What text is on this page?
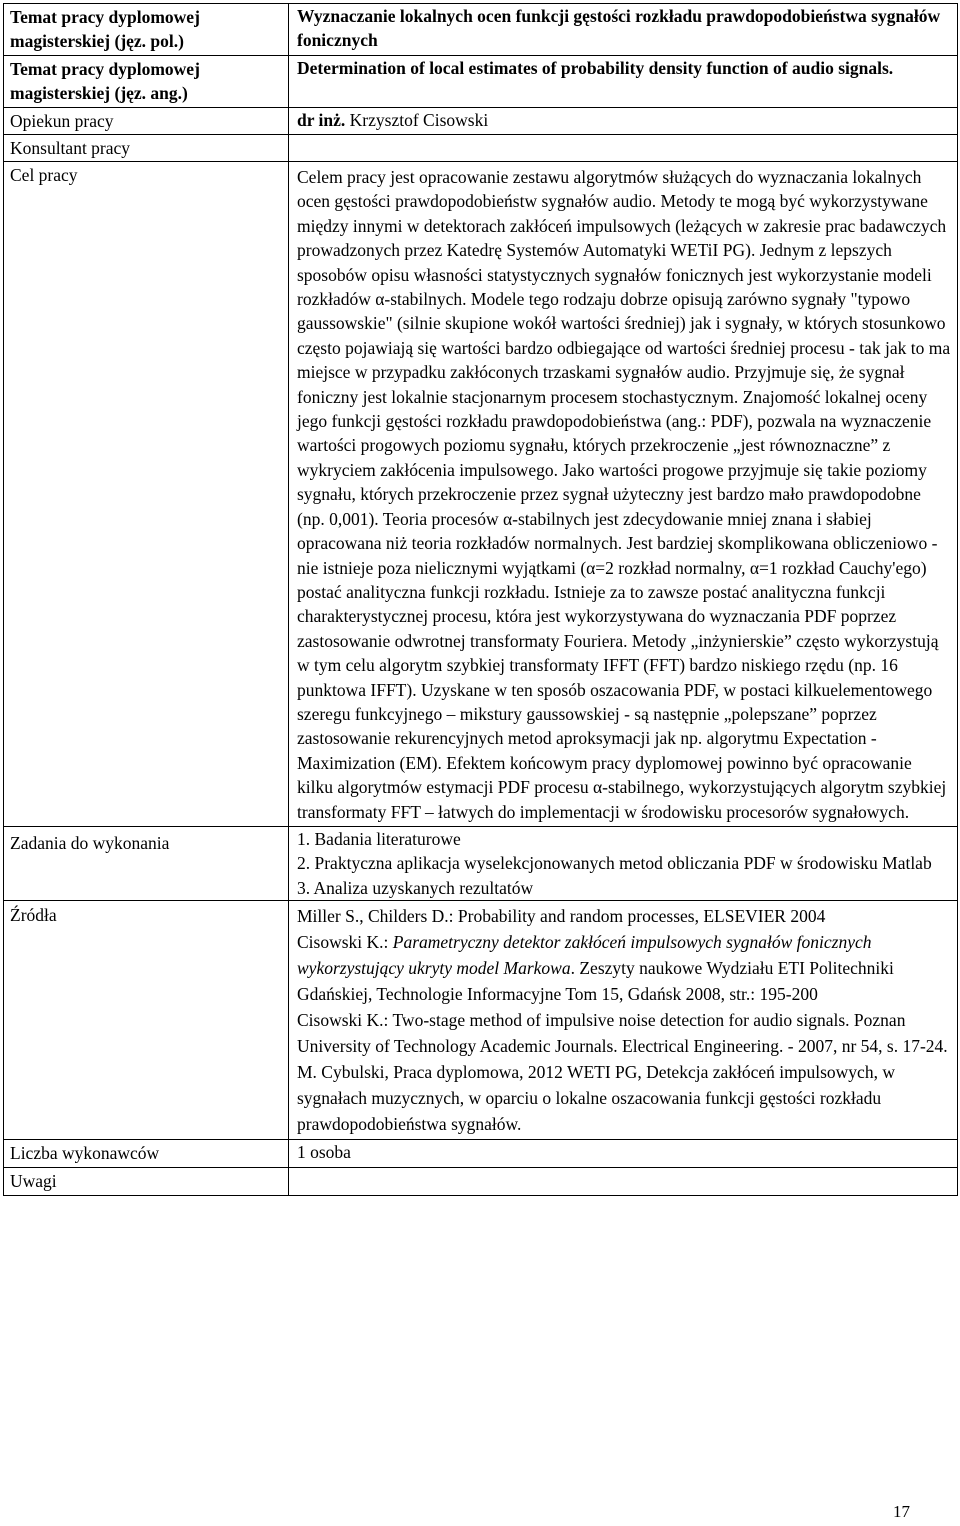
Temat pracy dyplomowej magisterskiej (jęz. pol.)	Wyznaczanie lokalnych ocen funkcji gęstości rozkładu prawdopodobieństwa sygnałów fonicznych
Temat pracy dyplomowej magisterskiej (jęz. ang.)	Determination of local estimates of probability density function of audio signals.
Opiekun pracy	dr inż. Krzysztof Cisowski
Konsultant pracy	
Cel pracy	Celem pracy jest opracowanie zestawu algorytmów służących do wyznaczania lokalnych ocen gęstości prawdopodobieństw sygnałów audio. Metody te mogą być wykorzystywane między innymi w detektorach zakłóceń impulsowych (leżących w zakresie prac badawczych prowadzonych przez Katedrę Systemów Automatyki WETiI PG). Jednym z lepszych sposobów opisu własności statystycznych sygnałów fonicznych jest wykorzystanie modeli rozkładów α-stabilnych. Modele tego rodzaju dobrze opisują zarówno sygnały "typowo gaussowskie" (silnie skupione wokół wartości średniej) jak i sygnały, w których stosunkowo często pojawiają się wartości bardzo odbiegające od wartości średniej procesu - tak jak to ma miejsce w przypadku zakłóconych trzaskami sygnałów audio. Przyjmuje się, że sygnał foniczny jest lokalnie stacjonarnym procesem stochastycznym. Znajomość lokalnej oceny jego funkcji gęstości rozkładu prawdopodobieństwa (ang.: PDF), pozwala na wyznaczenie wartości progowych poziomu sygnału, których przekroczenie „jest równoznaczne” z wykryciem zakłócenia impulsowego. Jako wartości progowe przyjmuje się takie poziomy sygnału, których przekroczenie przez sygnał użyteczny jest bardzo mało prawdopodobne (np. 0,001). Teoria procesów α-stabilnych jest zdecydowanie mniej znana i słabiej opracowana niż teoria rozkładów normalnych. Jest bardziej skomplikowana obliczeniowo - nie istnieje poza nielicznymi wyjątkami (α=2 rozkład normalny, α=1 rozkład Cauchy'ego) postać analityczna funkcji rozkładu. Istnieje za to zawsze postać analityczna funkcji charakterystycznej procesu, która jest wykorzystywana do wyznaczania PDF poprzez zastosowanie odwrotnej transformaty Fouriera. Metody „inżynierskie” często wykorzystują w tym celu algorytm szybkiej transformaty IFFT (FFT) bardzo niskiego rzędu (np. 16 punktowa IFFT). Uzyskane w ten sposób oszacowania PDF, w postaci kilkuelementowego szeregu funkcyjnego – mikstury gaussowskiej - są następnie „polepszane” poprzez zastosowanie rekurencyjnych metod aproksymacji jak np. algorytmu Expectation - Maximization (EM). Efektem końcowym pracy dyplomowej powinno być opracowanie kilku algorytmów estymacji PDF procesu α-stabilnego, wykorzystujących algorytm szybkiej transformaty FFT – łatwych do implementacji w środowisku procesorów sygnałowych.

Zadania do wykonania	1. Badania literaturowe

2. Praktyczna aplikacja wyselekcjonowanych metod obliczania PDF w środowisku Matlab

3. Analiza uzyskanych rezultatów

Źródła	Miller S., Childers D.: Probability and random processes, ELSEVIER 2004

Cisowski K.: Parametryczny detektor zakłóceń impulsowych sygnałów fonicznych wykorzystujący ukryty model Markowa. Zeszyty naukowe Wydziału ETI Politechniki Gdańskiej, Technologie Informacyjne Tom 15, Gdańsk 2008, str.: 195-200

Cisowski K.: Two-stage method of impulsive noise detection for audio signals. Poznan University of Technology Academic Journals. Electrical Engineering. - 2007, nr 54, s. 17-24.

M. Cybulski, Praca dyplomowa, 2012 WETI PG, Detekcja zakłóceń impulsowych, w sygnałach muzycznych, w oparciu o lokalne oszacowania funkcji gęstości rozkładu prawdopodobieństwa sygnałów.

Liczba wykonawców	1 osoba
Uwagi	
17
